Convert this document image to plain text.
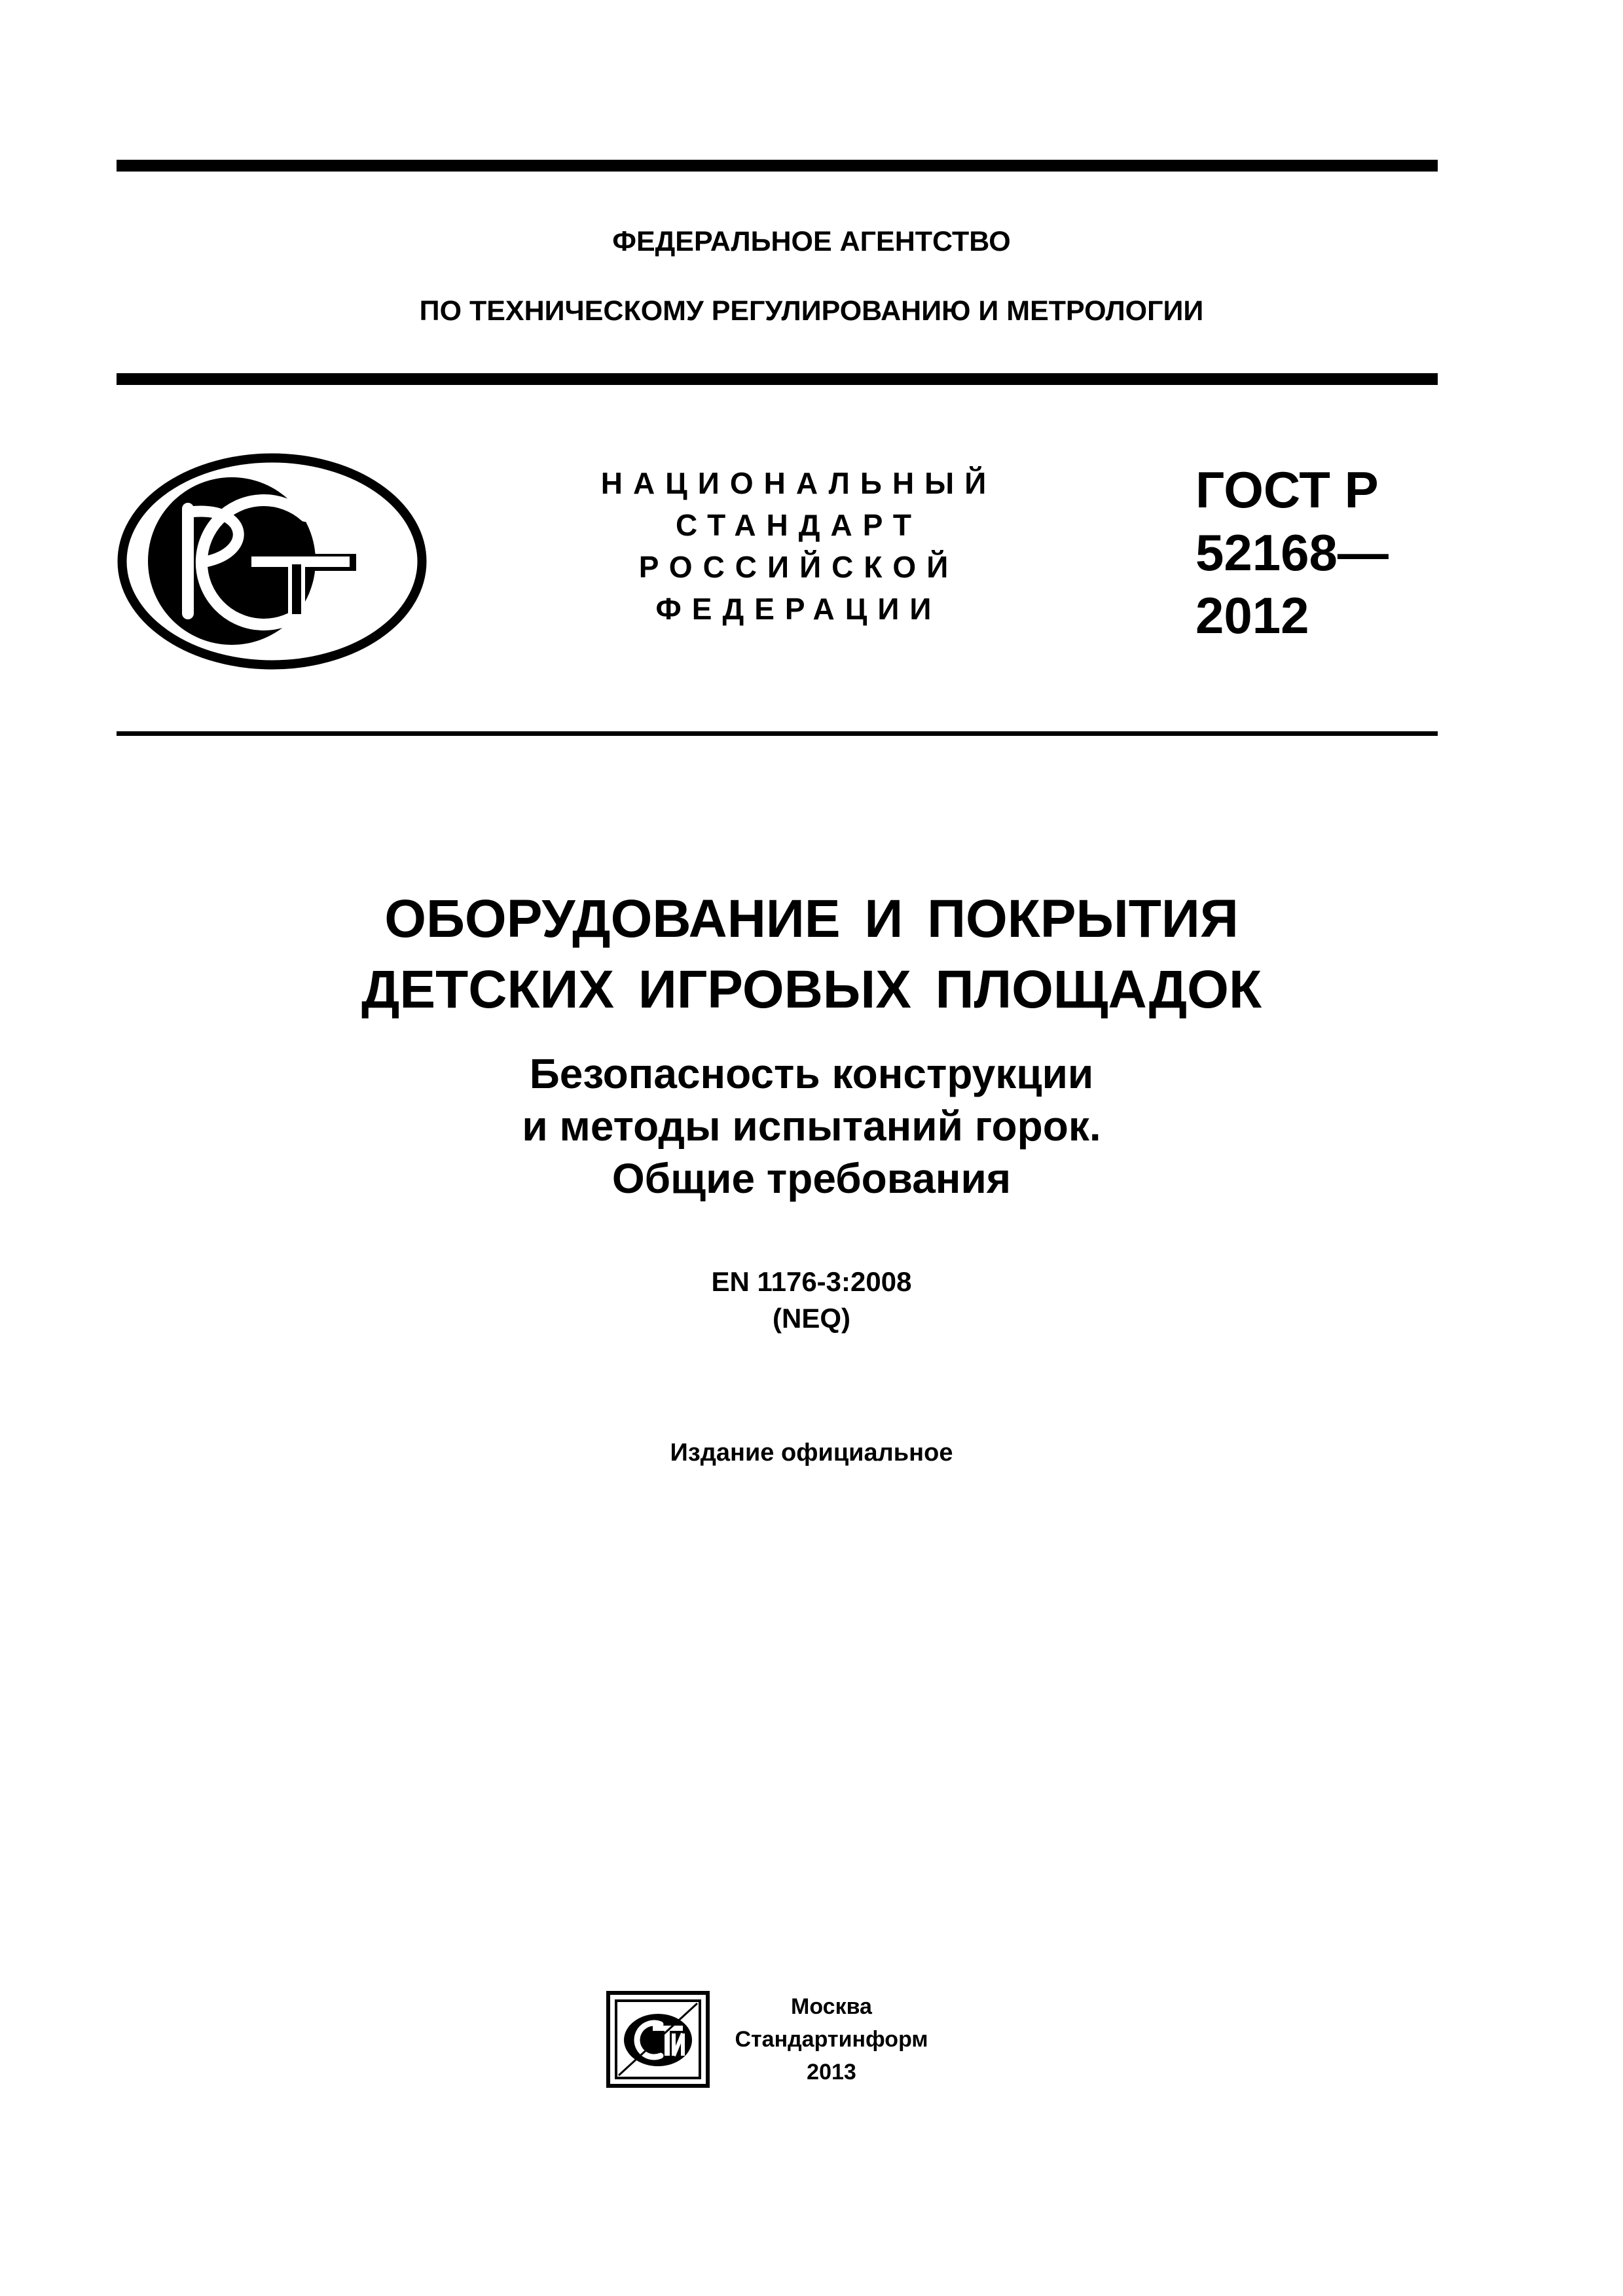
ФЕДЕРАЛЬНОЕ АГЕНТСТВО
ПО ТЕХНИЧЕСКОМУ РЕГУЛИРОВАНИЮ И МЕТРОЛОГИИ
НАЦИОНАЛЬНЫЙ
СТАНДАРТ
РОССИЙСКОЙ
ФЕДЕРАЦИИ
ГОСТ Р
52168—
2012
ОБОРУДОВАНИЕ И ПОКРЫТИЯ
ДЕТСКИХ ИГРОВЫХ ПЛОЩАДОК
Безопасность конструкции
и методы испытаний горок.
Общие требования
EN 1176-3:2008
(NEQ)
Издание официальное
Москва
Стандартинформ
2013
